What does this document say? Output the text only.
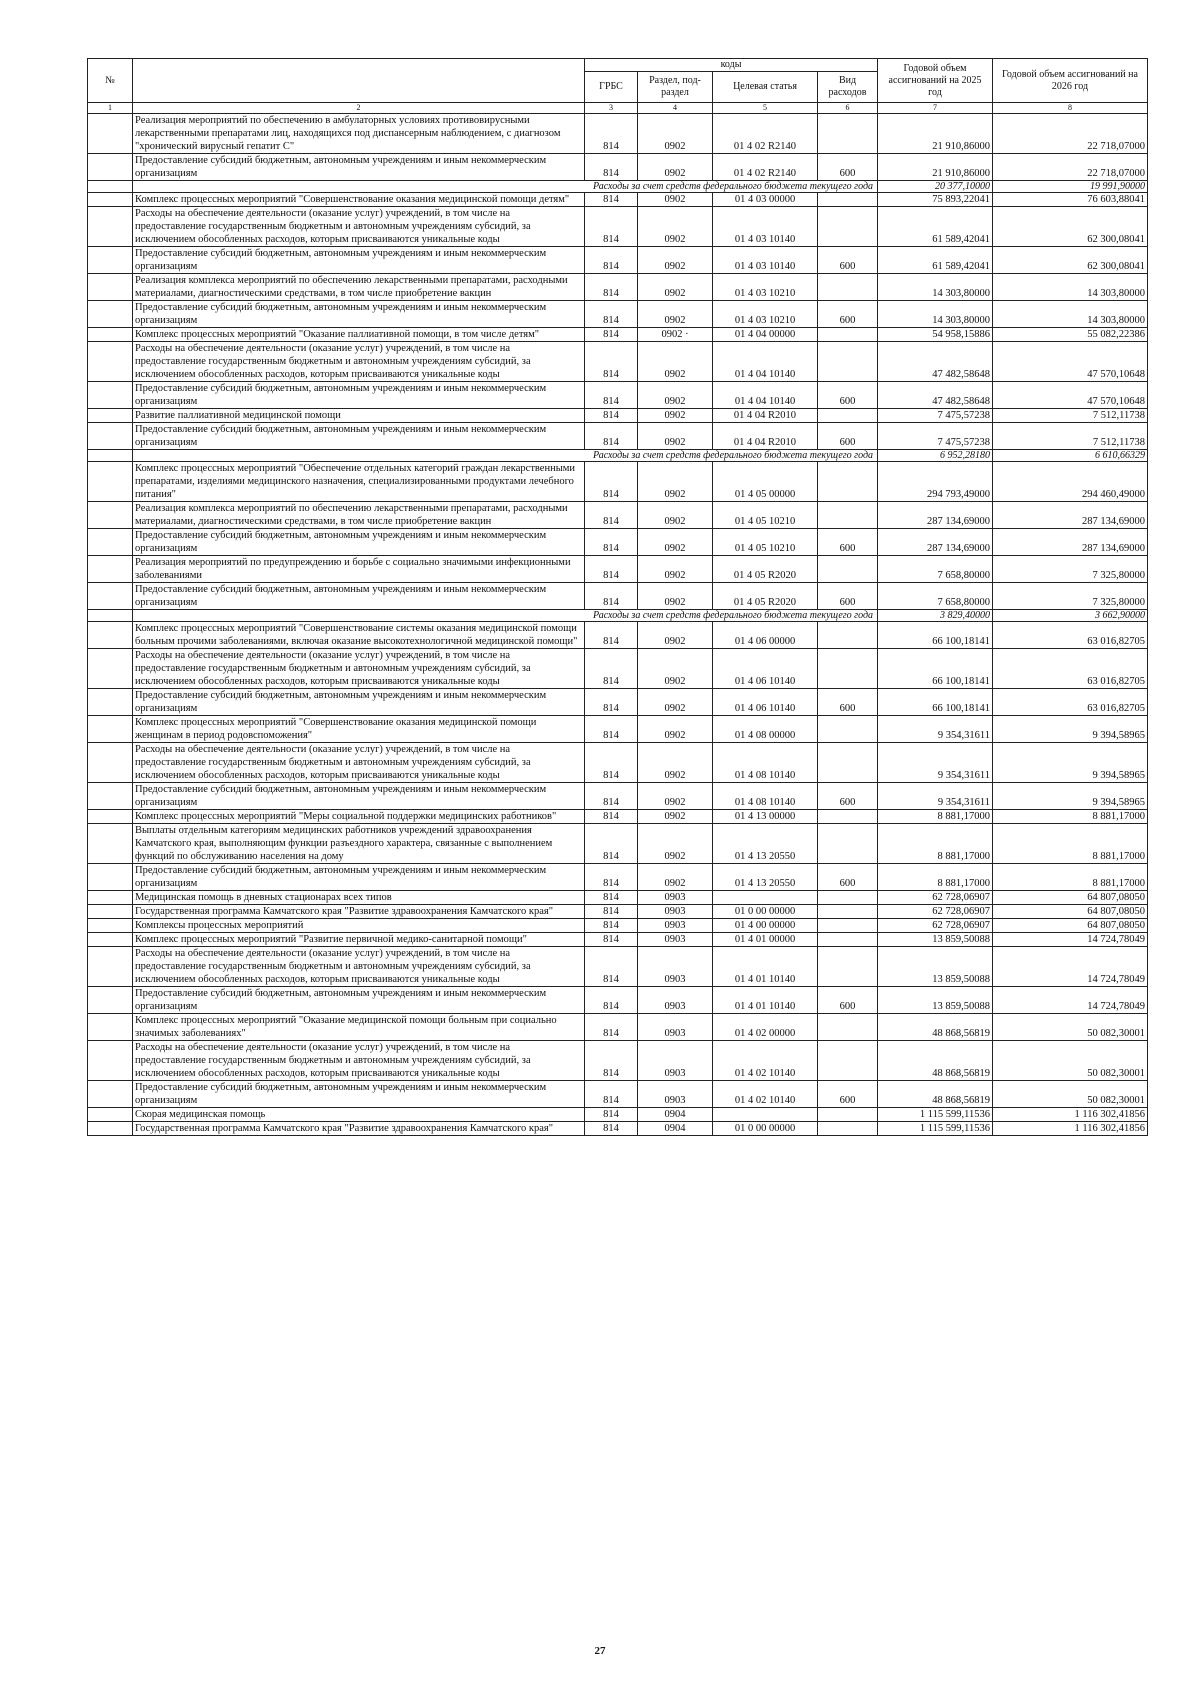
№		коды				Годовой объем ассигнований на 2025 год	Годовой объем ассигнований на 2026 год
		ГРБС	Раздел, под-раздел	Целевая статья	Вид расходов		
1	2	3	4	5	6	7	8
	Реализация мероприятий по обеспечению в амбулаторных условиях противовирусными лекарственными препаратами лиц, находящихся под диспансерным наблюдением, с диагнозом "хронический вирусный гепатит С"	814	0902	01 4 02 R2140		21 910,86000	22 718,07000
	Предоставление субсидий бюджетным, автономным учреждениям и иным некоммерческим организациям	814	0902	01 4 02 R2140	600	21 910,86000	22 718,07000
	Расходы за счет средств федерального бюджета текущего года					20 377,10000	19 991,90000
	Комплекс процессных мероприятий "Совершенствование оказания медицинской помощи детям"	814	0902	01 4 03 00000		75 893,22041	76 603,88041
	Расходы на обеспечение деятельности (оказание услуг) учреждений, в том числе на предоставление государственным бюджетным и автономным учреждениям субсидий, за исключением обособленных расходов, которым присваиваются уникальные коды	814	0902	01 4 03 10140		61 589,42041	62 300,08041
	Предоставление субсидий бюджетным, автономным учреждениям и иным некоммерческим организациям	814	0902	01 4 03 10140	600	61 589,42041	62 300,08041
	Реализация комплекса мероприятий по обеспечению лекарственными препаратами, расходными материалами, диагностическими средствами, в том числе приобретение вакцин	814	0902	01 4 03 10210		14 303,80000	14 303,80000
	Предоставление субсидий бюджетным, автономным учреждениям и иным некоммерческим организациям	814	0902	01 4 03 10210	600	14 303,80000	14 303,80000
	Комплекс процессных мероприятий "Оказание паллиативной помощи, в том числе детям"	814	0902 ·	01 4 04 00000		54 958,15886	55 082,22386
	Расходы на обеспечение деятельности (оказание услуг) учреждений, в том числе на предоставление государственным бюджетным и автономным учреждениям субсидий, за исключением обособленных расходов, которым присваиваются уникальные коды	814	0902	01 4 04 10140		47 482,58648	47 570,10648
	Предоставление субсидий бюджетным, автономным учреждениям и иным некоммерческим организациям	814	0902	01 4 04 10140	600	47 482,58648	47 570,10648
	Развитие паллиативной медицинской помощи	814	0902	01 4 04 R2010		7 475,57238	7 512,11738
	Предоставление субсидий бюджетным, автономным учреждениям и иным некоммерческим организациям	814	0902	01 4 04 R2010	600	7 475,57238	7 512,11738
	Расходы за счет средств федерального бюджета текущего года					6 952,28180	6 610,66329
	Комплекс процессных мероприятий "Обеспечение отдельных категорий граждан лекарственными препаратами, изделиями медицинского назначения, специализированными продуктами лечебного питания"	814	0902	01 4 05 00000		294 793,49000	294 460,49000
	Реализация комплекса мероприятий по обеспечению лекарственными препаратами, расходными материалами, диагностическими средствами, в том числе приобретение вакцин	814	0902	01 4 05 10210		287 134,69000	287 134,69000
	Предоставление субсидий бюджетным, автономным учреждениям и иным некоммерческим организациям	814	0902	01 4 05 10210	600	287 134,69000	287 134,69000
	Реализация мероприятий по предупреждению и борьбе с социально значимыми инфекционными заболеваниями	814	0902	01 4 05 R2020		7 658,80000	7 325,80000
	Предоставление субсидий бюджетным, автономным учреждениям и иным некоммерческим организациям	814	0902	01 4 05 R2020	600	7 658,80000	7 325,80000
	Расходы за счет средств федерального бюджета текущего года					3 829,40000	3 662,90000
	Комплекс процессных мероприятий "Совершенствование системы оказания медицинской помощи больным прочими заболеваниями, включая оказание высокотехнологичной медицинской помощи"	814	0902	01 4 06 00000		66 100,18141	63 016,82705
	Расходы на обеспечение деятельности (оказание услуг) учреждений, в том числе на предоставление государственным бюджетным и автономным учреждениям субсидий, за исключением обособленных расходов, которым присваиваются уникальные коды	814	0902	01 4 06 10140		66 100,18141	63 016,82705
	Предоставление субсидий бюджетным, автономным учреждениям и иным некоммерческим организациям	814	0902	01 4 06 10140	600	66 100,18141	63 016,82705
	Комплекс процессных мероприятий "Совершенствование оказания медицинской помощи женщинам в период родовспоможения"	814	0902	01 4 08 00000		9 354,31611	9 394,58965
	Расходы на обеспечение деятельности (оказание услуг) учреждений, в том числе на предоставление государственным бюджетным и автономным учреждениям субсидий, за исключением обособленных расходов, которым присваиваются уникальные коды	814	0902	01 4 08 10140		9 354,31611	9 394,58965
	Предоставление субсидий бюджетным, автономным учреждениям и иным некоммерческим организациям	814	0902	01 4 08 10140	600	9 354,31611	9 394,58965
	Комплекс процессных мероприятий "Меры социальной поддержки медицинских работников"	814	0902	01 4 13 00000		8 881,17000	8 881,17000
	Выплаты отдельным категориям медицинских работников учреждений здравоохранения Камчатского края, выполняющим функции разъездного характера, связанные с выполнением функций по обслуживанию населения на дому	814	0902	01 4 13 20550		8 881,17000	8 881,17000
	Предоставление субсидий бюджетным, автономным учреждениям и иным некоммерческим организациям	814	0902	01 4 13 20550	600	8 881,17000	8 881,17000
	Медицинская помощь в дневных стационарах всех типов	814	0903			62 728,06907	64 807,08050
	Государственная программа Камчатского края "Развитие здравоохранения Камчатского края"	814	0903	01 0 00 00000		62 728,06907	64 807,08050
	Комплексы процессных мероприятий	814	0903	01 4 00 00000		62 728,06907	64 807,08050
	Комплекс процессных мероприятий "Развитие первичной медико-санитарной помощи"	814	0903	01 4 01 00000		13 859,50088	14 724,78049
	Расходы на обеспечение деятельности (оказание услуг) учреждений, в том числе на предоставление государственным бюджетным и автономным учреждениям субсидий, за исключением обособленных расходов, которым присваиваются уникальные коды	814	0903	01 4 01 10140		13 859,50088	14 724,78049
	Предоставление субсидий бюджетным, автономным учреждениям и иным некоммерческим организациям	814	0903	01 4 01 10140	600	13 859,50088	14 724,78049
	Комплекс процессных мероприятий "Оказание медицинской помощи больным при социально значимых заболеваниях"	814	0903	01 4 02 00000		48 868,56819	50 082,30001
	Расходы на обеспечение деятельности (оказание услуг) учреждений, в том числе на предоставление государственным бюджетным и автономным учреждениям субсидий, за исключением обособленных расходов, которым присваиваются уникальные коды	814	0903	01 4 02 10140		48 868,56819	50 082,30001
	Предоставление субсидий бюджетным, автономным учреждениям и иным некоммерческим организациям	814	0903	01 4 02 10140	600	48 868,56819	50 082,30001
	Скорая медицинская помощь	814	0904			1 115 599,11536	1 116 302,41856
	Государственная программа Камчатского края "Развитие здравоохранения Камчатского края"	814	0904	01 0 00 00000		1 115 599,11536	1 116 302,41856
27
